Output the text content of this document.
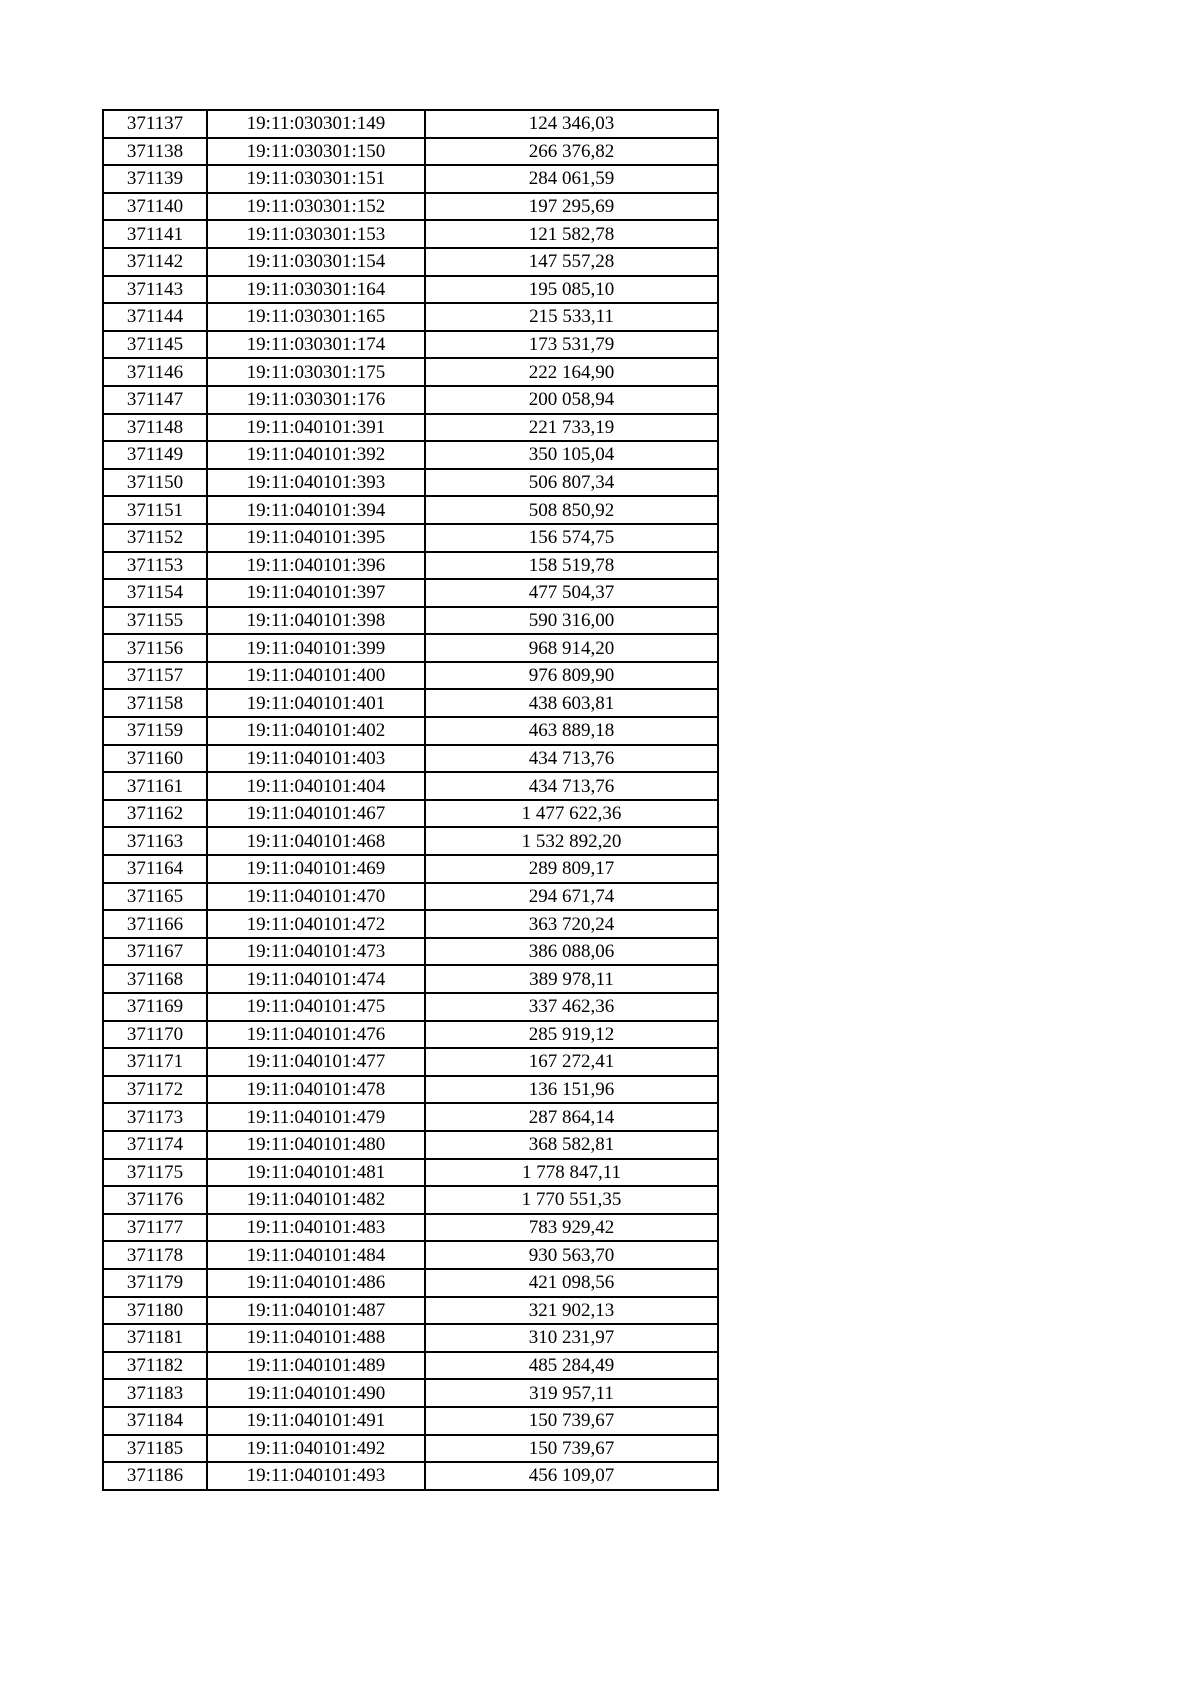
371137	19:11:030301:149	124 346,03
371138	19:11:030301:150	266 376,82
371139	19:11:030301:151	284 061,59
371140	19:11:030301:152	197 295,69
371141	19:11:030301:153	121 582,78
371142	19:11:030301:154	147 557,28
371143	19:11:030301:164	195 085,10
371144	19:11:030301:165	215 533,11
371145	19:11:030301:174	173 531,79
371146	19:11:030301:175	222 164,90
371147	19:11:030301:176	200 058,94
371148	19:11:040101:391	221 733,19
371149	19:11:040101:392	350 105,04
371150	19:11:040101:393	506 807,34
371151	19:11:040101:394	508 850,92
371152	19:11:040101:395	156 574,75
371153	19:11:040101:396	158 519,78
371154	19:11:040101:397	477 504,37
371155	19:11:040101:398	590 316,00
371156	19:11:040101:399	968 914,20
371157	19:11:040101:400	976 809,90
371158	19:11:040101:401	438 603,81
371159	19:11:040101:402	463 889,18
371160	19:11:040101:403	434 713,76
371161	19:11:040101:404	434 713,76
371162	19:11:040101:467	1 477 622,36
371163	19:11:040101:468	1 532 892,20
371164	19:11:040101:469	289 809,17
371165	19:11:040101:470	294 671,74
371166	19:11:040101:472	363 720,24
371167	19:11:040101:473	386 088,06
371168	19:11:040101:474	389 978,11
371169	19:11:040101:475	337 462,36
371170	19:11:040101:476	285 919,12
371171	19:11:040101:477	167 272,41
371172	19:11:040101:478	136 151,96
371173	19:11:040101:479	287 864,14
371174	19:11:040101:480	368 582,81
371175	19:11:040101:481	1 778 847,11
371176	19:11:040101:482	1 770 551,35
371177	19:11:040101:483	783 929,42
371178	19:11:040101:484	930 563,70
371179	19:11:040101:486	421 098,56
371180	19:11:040101:487	321 902,13
371181	19:11:040101:488	310 231,97
371182	19:11:040101:489	485 284,49
371183	19:11:040101:490	319 957,11
371184	19:11:040101:491	150 739,67
371185	19:11:040101:492	150 739,67
371186	19:11:040101:493	456 109,07
